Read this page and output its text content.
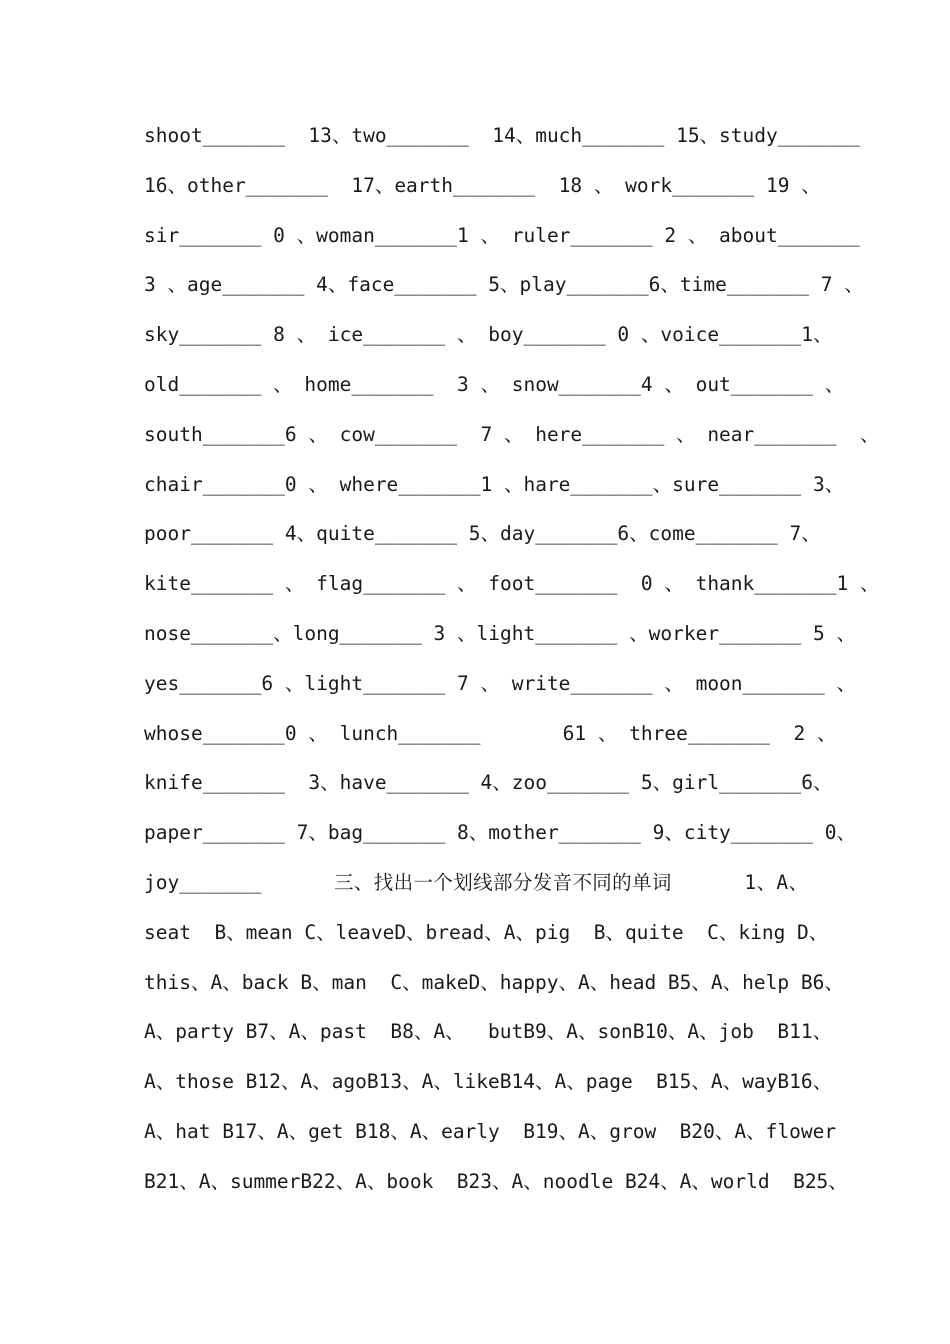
shoot_______  13、two_______  14、much_______ 15、study_______
16、other_______  17、earth_______  18 、 work_______ 19 、
sir_______ 0 、woman_______1 、 ruler_______ 2 、 about_______
3 、age_______ 4、face_______ 5、play_______6、time_______ 7 、
sky_______ 8 、 ice_______ 、 boy_______ 0 、voice_______1、
old_______ 、 home_______  3 、 snow_______4 、 out_______ 、
south_______6 、 cow_______  7 、 here_______ 、 near_______  、
chair_______0 、 where_______1 、hare_______、sure_______ 3、
poor_______ 4、quite_______ 5、day_______6、come_______ 7、
kite_______ 、 flag_______ 、 foot_______  0 、 thank_______1 、
nose_______、long_______ 3 、light_______ 、worker_______ 5 、
yes_______6 、light_______ 7 、 write_______ 、 moon_______ 、
whose_______0 、 lunch_______       61 、 three_______  2 、
knife_______  3、have_______ 4、zoo_______ 5、girl_______6、
paper_______ 7、bag_______ 8、mother_______ 9、city_______ 0、
joy_______      三、找出一个划线部分发音不同的单词      1、A、
seat  B、mean C、leaveD、bread、A、pig  B、quite  C、king D、
this、A、back B、man  C、makeD、happy、A、head B5、A、help B6、
A、party B7、A、past  B8、A、  butB9、A、sonB10、A、job  B11、
A、those B12、A、agoB13、A、likeB14、A、page  B15、A、wayB16、
A、hat B17、A、get B18、A、early  B19、A、grow  B20、A、flower
B21、A、summerB22、A、book  B23、A、noodle B24、A、world  B25、
